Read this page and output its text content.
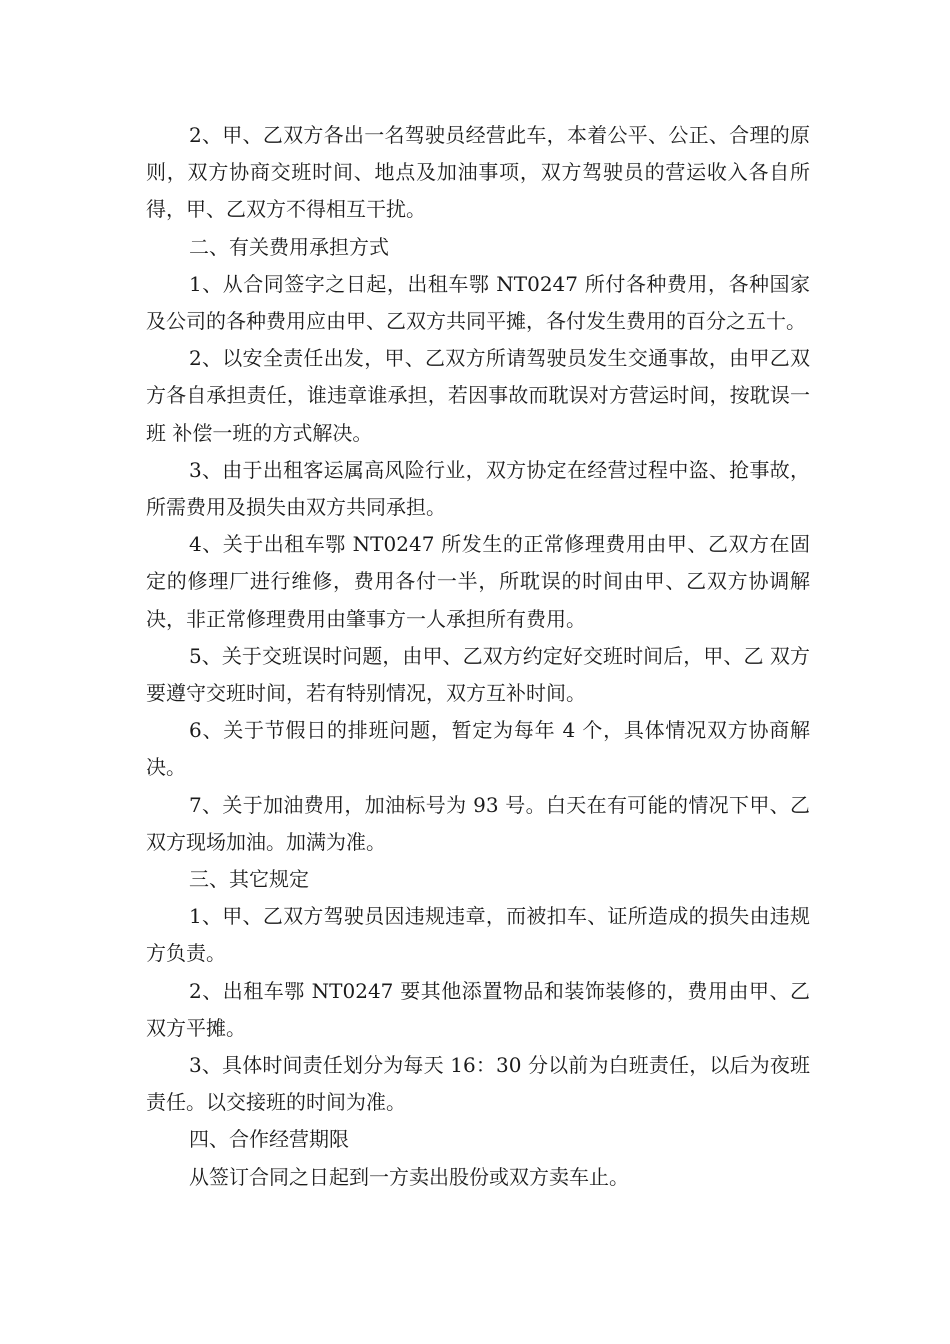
2、甲、乙双方各出一名驾驶员经营此车，本着公平、公正、合理的原则，双方协商交班时间、地点及加油事项，双方驾驶员的营运收入各自所得，甲、乙双方不得相互干扰。

二、有关费用承担方式

1、从合同签字之日起，出租车鄂 NT0247 所付各种费用，各种国家及公司的各种费用应由甲、乙双方共同平摊，各付发生费用的百分之五十。

2、以安全责任出发，甲、乙双方所请驾驶员发生交通事故，由甲乙双方各自承担责任，谁违章谁承担，若因事故而耽误对方营运时间，按耽误一班 补偿一班的方式解决。

3、由于出租客运属高风险行业，双方协定在经营过程中盗、抢事故，所需费用及损失由双方共同承担。

4、关于出租车鄂 NT0247 所发生的正常修理费用由甲、乙双方在固定的修理厂进行维修，费用各付一半，所耽误的时间由甲、乙双方协调解决，非正常修理费用由肇事方一人承担所有费用。

5、关于交班误时问题，由甲、乙双方约定好交班时间后，甲、乙 双方要遵守交班时间，若有特别情况，双方互补时间。

6、关于节假日的排班问题，暂定为每年 4 个，具体情况双方协商解决。

7、关于加油费用，加油标号为 93 号。白天在有可能的情况下甲、乙双方现场加油。加满为准。

三、其它规定

1、甲、乙双方驾驶员因违规违章，而被扣车、证所造成的损失由违规方负责。

2、出租车鄂 NT0247 要其他添置物品和装饰装修的，费用由甲、乙双方平摊。

3、具体时间责任划分为每天 16：30 分以前为白班责任，以后为夜班责任。以交接班的时间为准。

四、合作经营期限

从签订合同之日起到一方卖出股份或双方卖车止。
